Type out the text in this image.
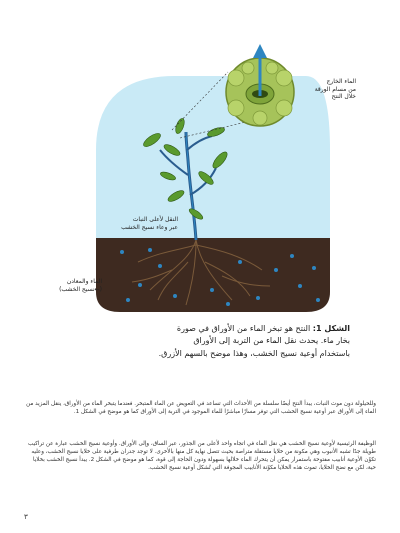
الماء الخارج
من مسام الورقة
خلال النتح
النقل لأعلى النبات
عبر وعاء نسيج الخشب
الماء والمعادن
(←نسيج الخشب)
الشكل 1: النتح هو تبخر الماء من الأوراق في صورة
بخار ماء. يحدث نقل الماء من التربة إلى الأوراق
باستخدام أوعية نسيج الخشب، وهذا موضح بالسهم الأزرق.
وللحيلولة دون موت النبات، يبدأ النتح أيضًا سلسلة من الأحداث التي تساعد في التعويض عن الماء المتبخر. فعندما يتبخر الماء من الأوراق، ينقل المزيد من الماء إلى الأوراق عبر أوعية نسيج الخشب التي توفر مسارًا مباشرًا للماء الموجود في التربة إلى الأوراق كما هو موضح في الشكل 1.
الوظيفة الرئيسية لأوعية نسيج الخشب هي نقل الماء في اتجاه واحد لأعلى من الجذور، عبر الساق، وإلى الأوراق. وأوعية نسيج الخشب عبارة عن تراكيب طويلة جدًا تشبه الأنبوب وهي مكونة من خلايا مستقلة متراصة بحيث تتصل نهاية كل منها بالأخرى. لا توجد جدران طرفية على خلايا نسيج الخشب، وعليه تكوّن الأوعية أنابيب مفتوحة باستمرار يمكن أن يتحرك الماء خلالها بسهولة ودون الحاجة إلى قوة، كما هو موضح في الشكل 2. يبدأ نسيج الخشب بخلايا حية، لكن مع نضج الخلايا، تموت هذه الخلايا مكوّنة الأنابيب المجوفة التي تُشكل أوعية نسيج الخشب.
٣
